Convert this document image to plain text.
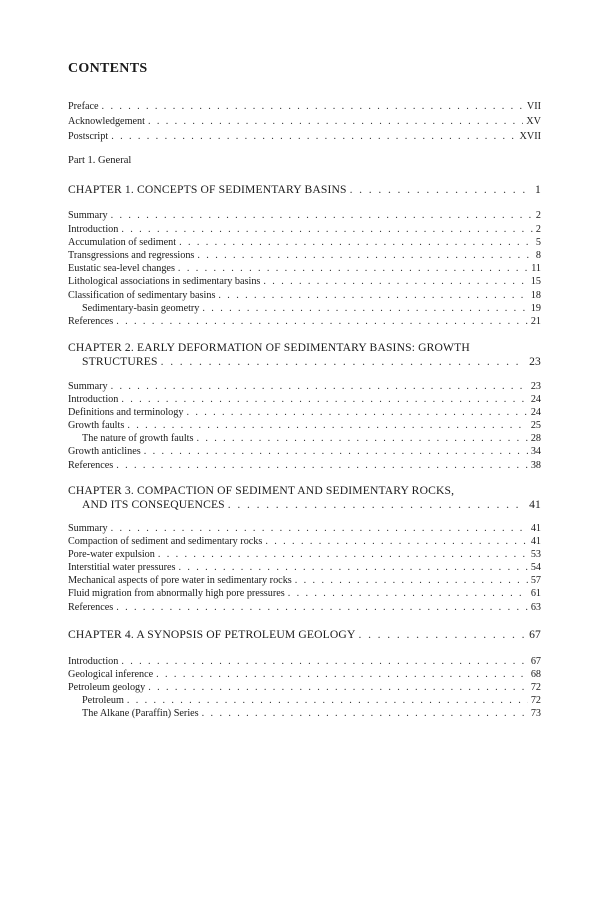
CONTENTS
Preface . . .	VII
Acknowledgement . . .	XV
Postscript . . .	XVII
Part 1. General
CHAPTER 1. CONCEPTS OF SEDIMENTARY BASINS . . .	1
Summary . . .	2
Introduction . . .	2
Accumulation of sediment . . .	5
Transgressions and regressions . . .	8
Eustatic sea-level changes . . .	11
Lithological associations in sedimentary basins . . .	15
Classification of sedimentary basins . . .	18
Sedimentary-basin geometry . . .	19
References . . .	21
CHAPTER 2. EARLY DEFORMATION OF SEDIMENTARY BASINS: GROWTH
STRUCTURES . . .	23
Summary . . .	23
Introduction . . .	24
Definitions and terminology . . .	24
Growth faults . . .	25
The nature of growth faults . . .	28
Growth anticlines . . .	34
References . . .	38
CHAPTER 3. COMPACTION OF SEDIMENT AND SEDIMENTARY ROCKS,
AND ITS CONSEQUENCES . . .	41
Summary . . .	41
Compaction of sediment and sedimentary rocks . . .	41
Pore-water expulsion . . .	53
Interstitial water pressures . . .	54
Mechanical aspects of pore water in sedimentary rocks . . .	57
Fluid migration from abnormally high pore pressures . . .	61
References . . .	63
CHAPTER 4. A SYNOPSIS OF PETROLEUM GEOLOGY . . .	67
Introduction . . .	67
Geological inference . . .	68
Petroleum geology . . .	72
Petroleum . . .	72
The Alkane (Paraffin) Series . . .	73
